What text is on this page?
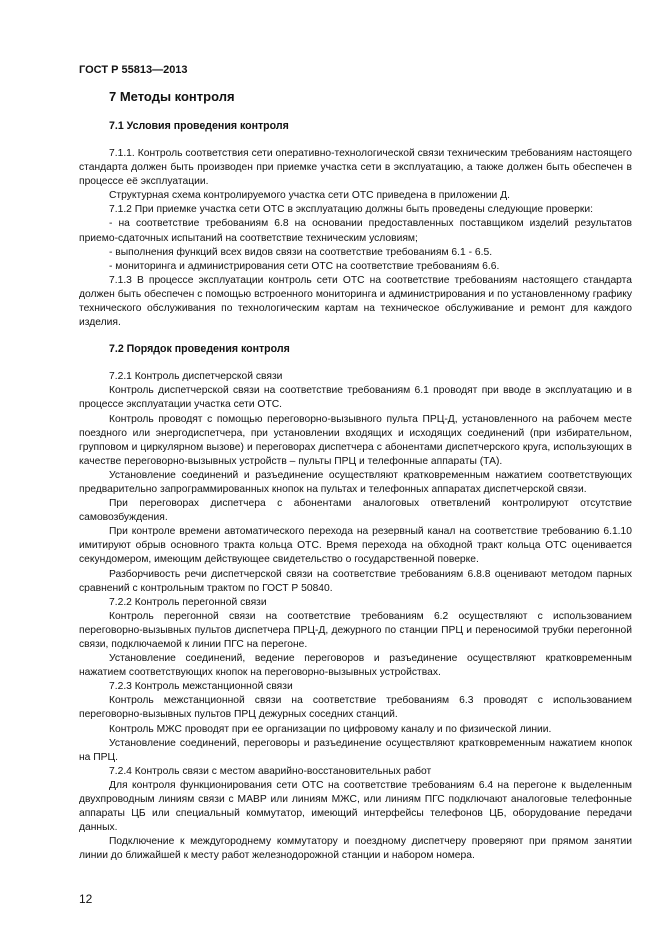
ГОСТ Р 55813—2013
7 Методы контроля
7.1 Условия проведения контроля

7.1.1. Контроль соответствия сети оперативно-технологической связи техническим требованиям настоящего стандарта должен быть производен при приемке участка сети в эксплуатацию, а также должен быть обеспечен в процессе её эксплуатации.

Структурная схема контролируемого участка сети ОТС приведена в приложении Д.

7.1.2 При приемке участка сети ОТС в эксплуатацию должны быть проведены следующие проверки:

- на соответствие требованиям 6.8 на основании предоставленных поставщиком изделий результатов приемо-сдаточных испытаний на соответствие техническим условиям;

- выполнения функций всех видов связи на соответствие требованиям 6.1 - 6.5.

- мониторинга и администрирования сети ОТС на соответствие требованиям 6.6.

7.1.3 В процессе эксплуатации контроль сети ОТС на соответствие требованиям настоящего стандарта должен быть обеспечен с помощью встроенного мониторинга и администрирования и по установленному графику технического обслуживания по технологическим картам на техническое обслуживание и ремонт для каждого изделия.

7.2 Порядок проведения контроля

7.2.1 Контроль диспетчерской связи

Контроль диспетчерской связи на соответствие требованиям 6.1 проводят при вводе в эксплуатацию и в процессе эксплуатации участка сети ОТС.

Контроль проводят с помощью переговорно-вызывного пульта ПРЦ-Д, установленного на рабочем месте поездного или энергодиспетчера, при установлении входящих и исходящих соединений (при избирательном, групповом и циркулярном вызове) и переговорах диспетчера с абонентами диспетчерского круга, использующих в качестве переговорно-вызывных устройств – пульты ПРЦ и телефонные аппараты (ТА).

Установление соединений и разъединение осуществляют кратковременным нажатием соответствующих предварительно запрограммированных кнопок на пультах и телефонных аппаратах диспетчерской связи.

При переговорах диспетчера с абонентами аналоговых ответвлений контролируют отсутствие самовозбуждения.

При контроле времени автоматического перехода на резервный канал на соответствие требованию 6.1.10 имитируют обрыв основного тракта кольца ОТС. Время перехода на обходной тракт кольца ОТС оценивается секундомером, имеющим действующее свидетельство о государственной поверке.

Разборчивость речи диспетчерской связи на соответствие требованиям 6.8.8 оценивают методом парных сравнений с контрольным трактом по ГОСТ Р 50840.

7.2.2 Контроль перегонной связи

Контроль перегонной связи на соответствие требованиям 6.2 осуществляют с использованием переговорно-вызывных пультов диспетчера ПРЦ-Д, дежурного по станции ПРЦ и переносимой трубки перегонной связи, подключаемой к линии ПГС на перегоне.

Установление соединений, ведение переговоров и разъединение осуществляют кратковременным нажатием соответствующих кнопок на переговорно-вызывных устройствах.

7.2.3 Контроль межстанционной связи

Контроль межстанционной связи на соответствие требованиям 6.3 проводят с использованием переговорно-вызывных пультов ПРЦ дежурных соседних станций.

Контроль МЖС проводят при ее организации по цифровому каналу и по физической линии.

Установление соединений, переговоры и разъединение осуществляют кратковременным нажатием кнопок на ПРЦ.

7.2.4 Контроль связи с местом аварийно-восстановительных работ

Для контроля функционирования сети ОТС на соответствие требованиям 6.4 на перегоне к выделенным двухпроводным линиям связи с МАВР или линиям МЖС, или линиям ПГС подключают аналоговые телефонные аппараты ЦБ или специальный коммутатор, имеющий интерфейсы телефонов ЦБ, оборудование передачи данных.

Подключение к междугороднему коммутатору и поездному диспетчеру проверяют при прямом занятии линии до ближайшей к месту работ железнодорожной станции и набором номера.

12
